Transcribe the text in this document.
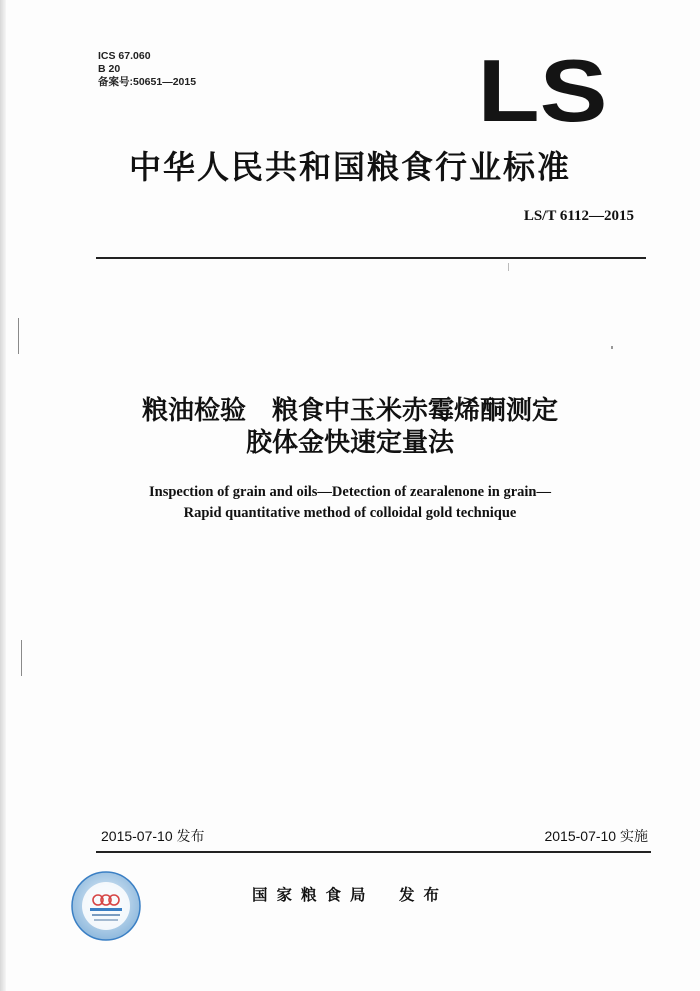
ICS 67.060
B 20
备案号:50651—2015	LS
中华人民共和国粮食行业标准
LS/T 6112—2015
粮油检验　粮食中玉米赤霉烯酮测定
胶体金快速定量法
Inspection of grain and oils—Detection of zearalenone in grain—
Rapid quantitative method of colloidal gold technique
2015-07-10 发布	2015-07-10 实施
国家粮食局　发布
